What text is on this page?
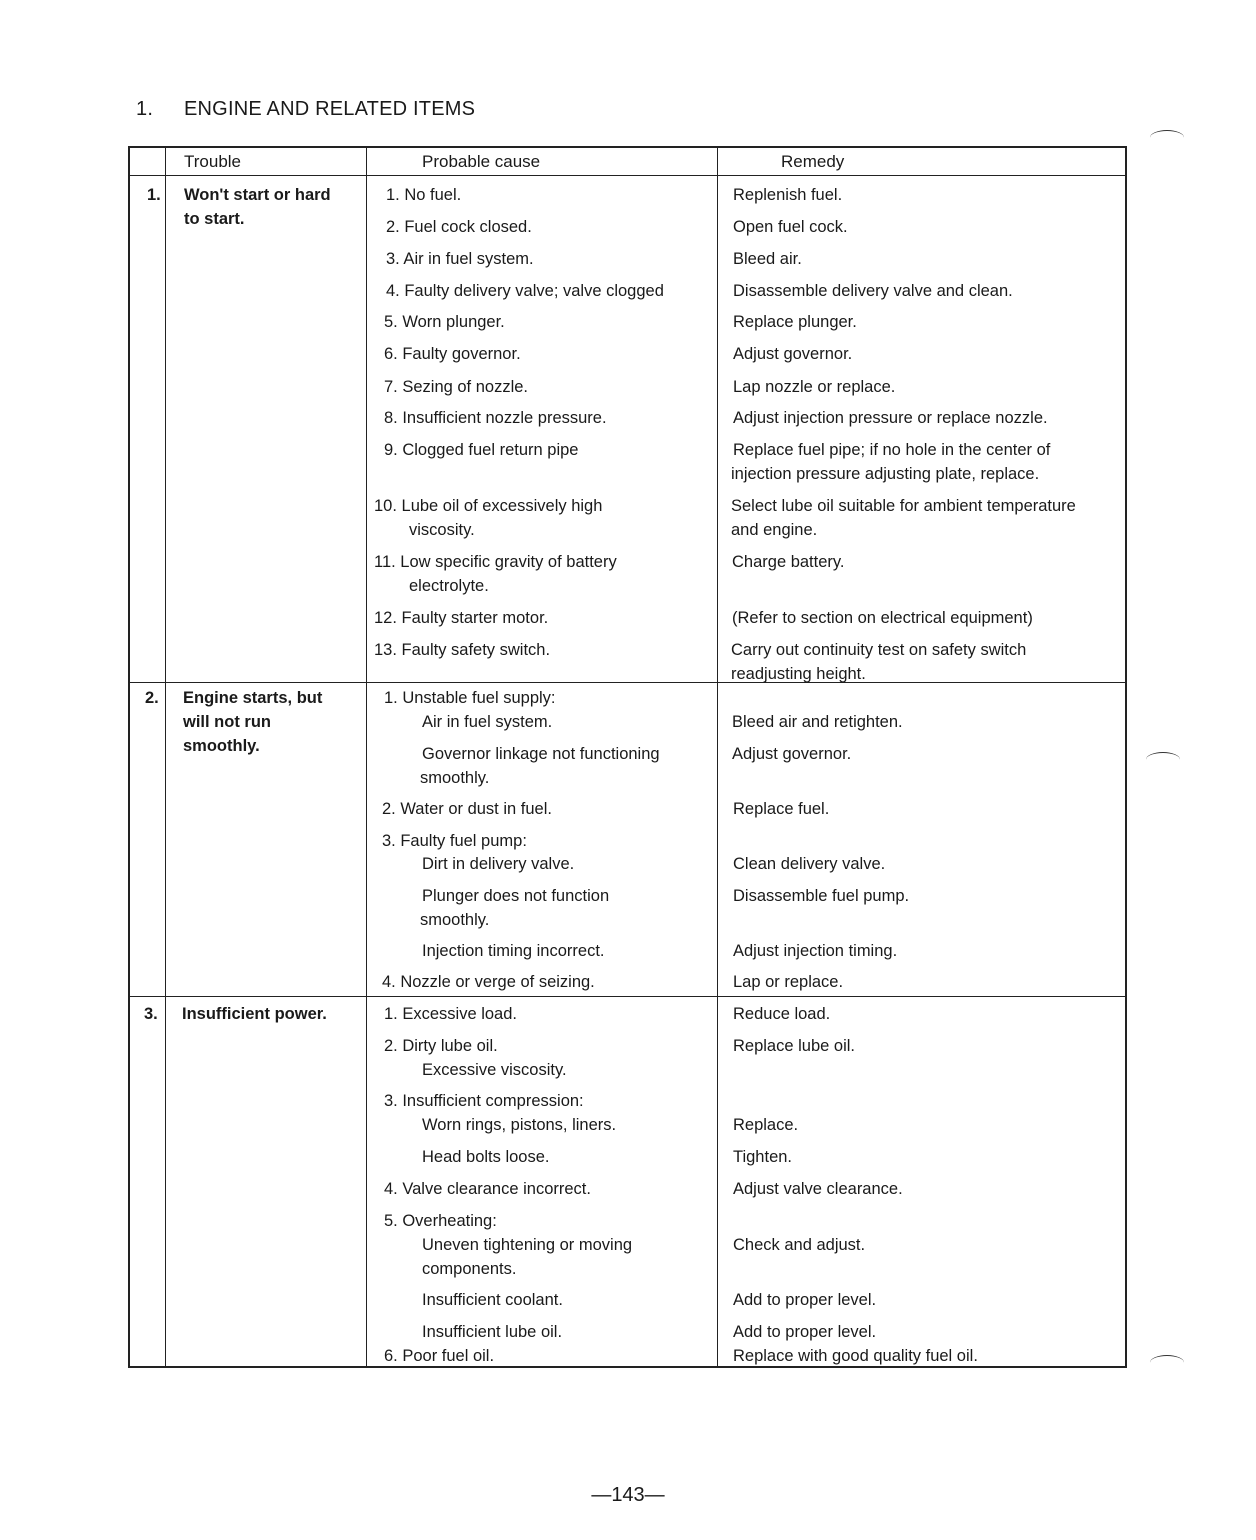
1. ENGINE AND RELATED ITEMS
Trouble	Probable cause	Remedy
1. Won't start or hard
to start.
2. Engine starts, but
will not run
smoothly.
3. Insufficient power.
1. No fuel.
2. Fuel cock closed.
3. Air in fuel system.
4. Faulty delivery valve; valve clogged
5. Worn plunger.
6. Faulty governor.
7. Sezing of nozzle.
8. Insufficient nozzle pressure.
9. Clogged fuel return pipe
10. Lube oil of excessively high
viscosity.
11. Low specific gravity of battery
electrolyte.
12. Faulty starter motor.
13. Faulty safety switch.
1. Unstable fuel supply:
Air in fuel system.
Governor linkage not functioning
smoothly.
2. Water or dust in fuel.
3. Faulty fuel pump:
Dirt in delivery valve.
Plunger does not function
smoothly.
Injection timing incorrect.
4. Nozzle or verge of seizing.
1. Excessive load.
2. Dirty lube oil.
Excessive viscosity.
3. Insufficient compression:
Worn rings, pistons, liners.
Head bolts loose.
4. Valve clearance incorrect.
5. Overheating:
Uneven tightening or moving
components.
Insufficient coolant.
Insufficient lube oil.
6. Poor fuel oil.
Replenish fuel.
Open fuel cock.
Bleed air.
Disassemble delivery valve and clean.
Replace plunger.
Adjust governor.
Lap nozzle or replace.
Adjust injection pressure or replace nozzle.
Replace fuel pipe; if no hole in the center of
injection pressure adjusting plate, replace.
Select lube oil suitable for ambient temperature
and engine.
Charge battery.
(Refer to section on electrical equipment)
Carry out continuity test on safety switch
readjusting height.
Bleed air and retighten.
Adjust governor.
Replace fuel.
Clean delivery valve.
Disassemble fuel pump.
Adjust injection timing.
Lap or replace.
Reduce load.
Replace lube oil.
Replace.
Tighten.
Adjust valve clearance.
Check and adjust.
Add to proper level.
Add to proper level.
Replace with good quality fuel oil.
—143—
